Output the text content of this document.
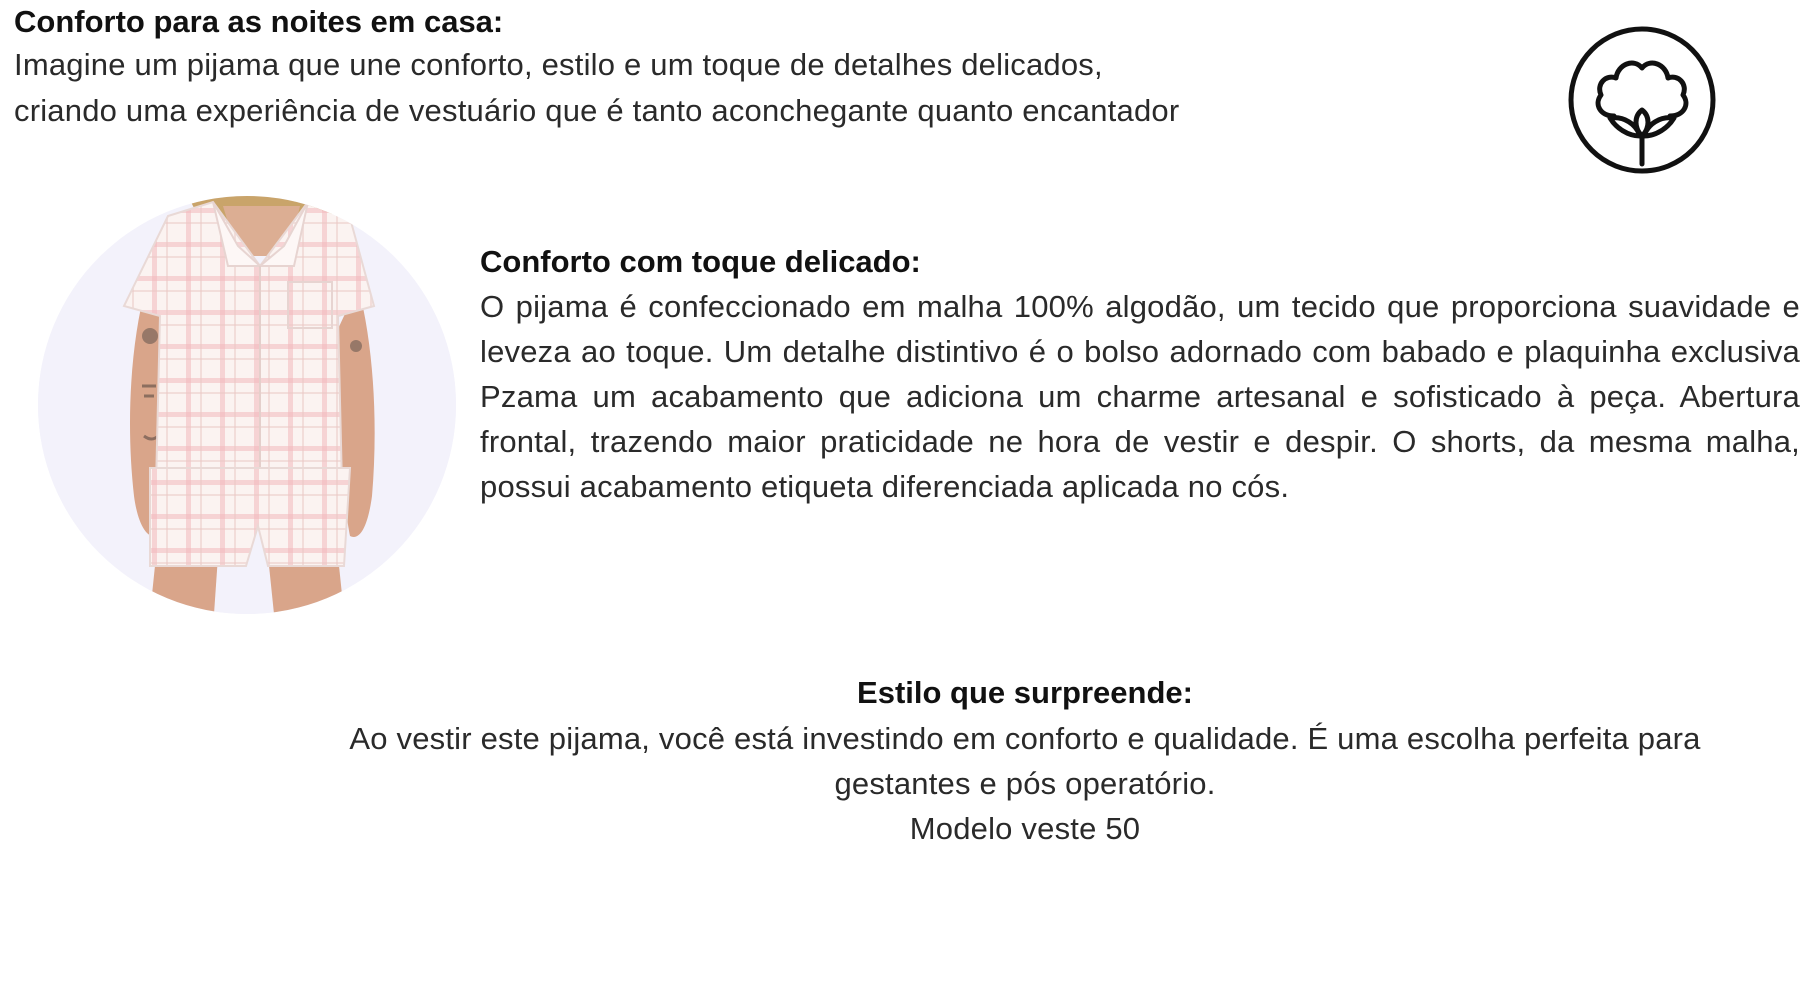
Conforto para as noites em casa:

Imagine um pijama que une conforto, estilo e um toque de detalhes delicados,

criando uma experiência de vestuário que é tanto aconchegante quanto encantador

Conforto com toque delicado:

O pijama é confeccionado em malha 100% algodão, um tecido que proporciona suavidade e leveza ao toque. Um detalhe distintivo é o bolso adornado com babado e plaquinha exclusiva Pzama um acabamento que adiciona um charme artesanal e sofisticado à peça. Abertura frontal, trazendo maior praticidade ne hora de vestir e despir. O shorts, da mesma malha, possui acabamento etiqueta diferenciada aplicada no cós.

Estilo que surpreende:

Ao vestir este pijama, você está investindo em conforto e qualidade. É uma escolha perfeita para

gestantes e pós operatório.

Modelo veste 50
